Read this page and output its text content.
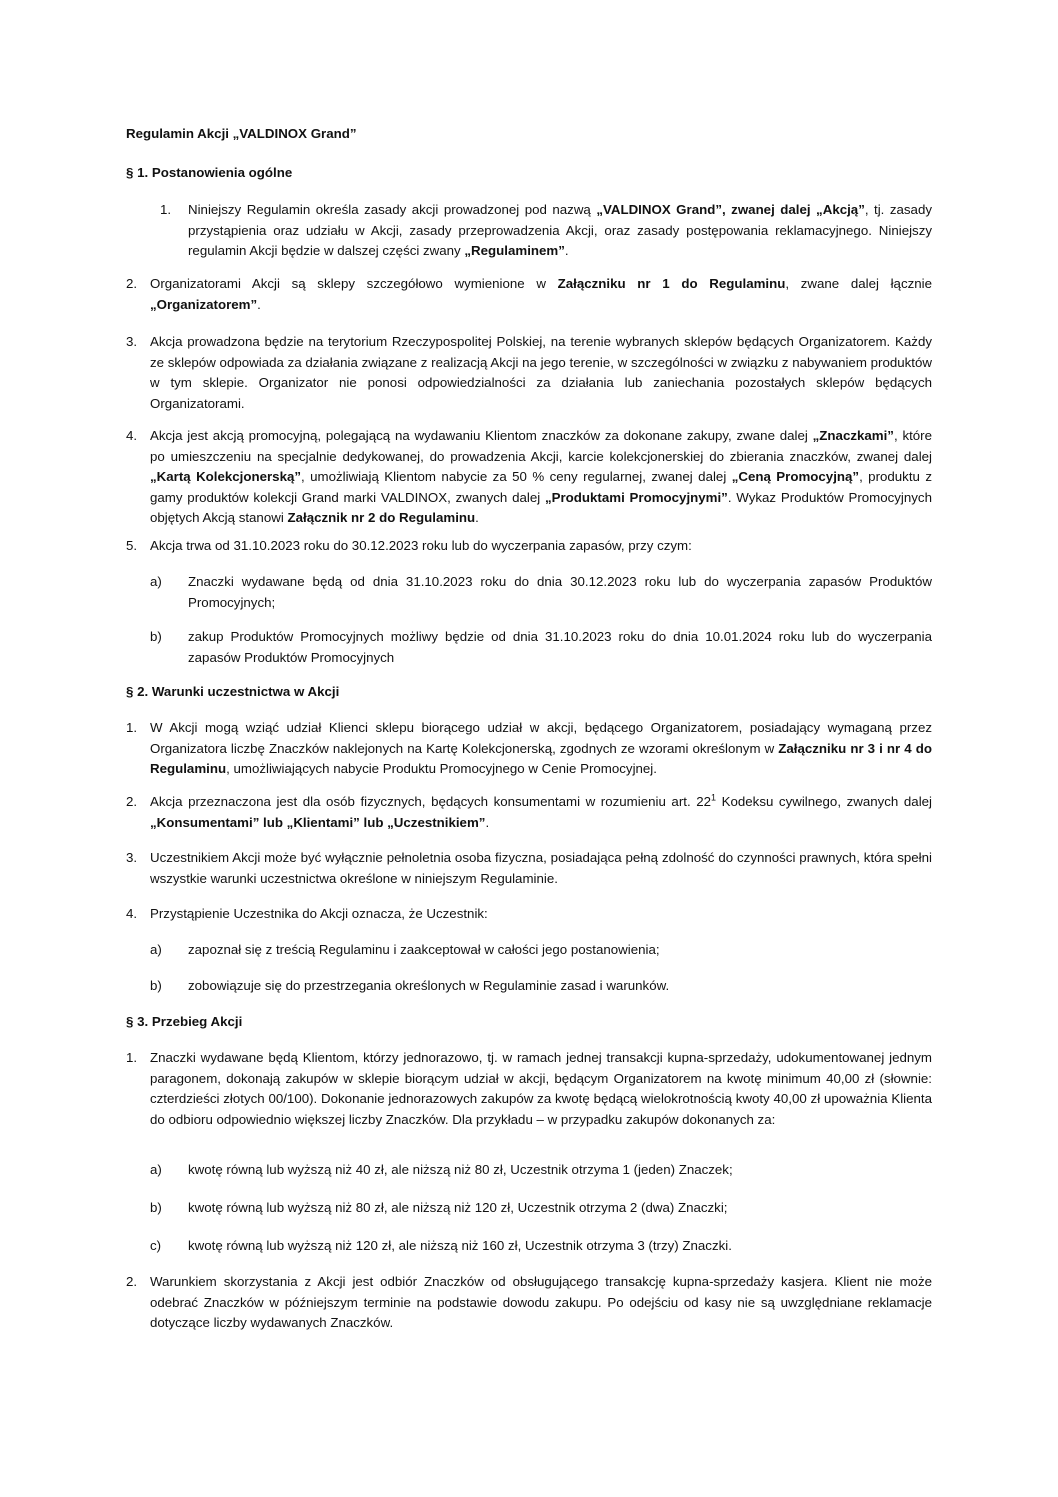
Regulamin Akcji „VALDINOX Grand”
§ 1. Postanowienia ogólne
1. Niniejszy Regulamin określa zasady akcji prowadzonej pod nazwą „VALDINOX Grand”, zwanej dalej „Akcją”, tj. zasady przystąpienia oraz udziału w Akcji, zasady przeprowadzenia Akcji, oraz zasady postępowania reklamacyjnego. Niniejszy regulamin Akcji będzie w dalszej części zwany „Regulaminem”.
2. Organizatorami Akcji są sklepy szczegółowo wymienione w Załączniku nr 1 do Regulaminu, zwane dalej łącznie „Organizatorem”.
3. Akcja prowadzona będzie na terytorium Rzeczypospolitej Polskiej, na terenie wybranych sklepów będących Organizatorem. Każdy ze sklepów odpowiada za działania związane z realizacją Akcji na jego terenie, w szczególności w związku z nabywaniem produktów w tym sklepie. Organizator nie ponosi odpowiedzialności za działania lub zaniechania pozostałych sklepów będących Organizatorami.
4. Akcja jest akcją promocyjną, polegającą na wydawaniu Klientom znaczków za dokonane zakupy, zwane dalej „Znaczkami”, które po umieszczeniu na specjalnie dedykowanej, do prowadzenia Akcji, karcie kolekcjonerskiej do zbierania znaczków, zwanej dalej „Kartą Kolekcjonerską”, umożliwiają Klientom nabycie za 50 % ceny regularnej, zwanej dalej „Ceną Promocyjną”, produktu z gamy produktów kolekcji Grand marki VALDINOX, zwanych dalej „Produktami Promocyjnymi”. Wykaz Produktów Promocyjnych objętych Akcją stanowi Załącznik nr 2 do Regulaminu.
5. Akcja trwa od 31.10.2023 roku do 30.12.2023 roku lub do wyczerpania zapasów, przy czym:
a) Znaczki wydawane będą od dnia 31.10.2023 roku do dnia 30.12.2023 roku lub do wyczerpania zapasów Produktów Promocyjnych;
b) zakup Produktów Promocyjnych możliwy będzie od dnia 31.10.2023 roku do dnia 10.01.2024 roku lub do wyczerpania zapasów Produktów Promocyjnych
§ 2. Warunki uczestnictwa w Akcji
1. W Akcji mogą wziąć udział Klienci sklepu biorącego udział w akcji, będącego Organizatorem, posiadający wymaganą przez Organizatora liczbę Znaczków naklejonych na Kartę Kolekcjonerską, zgodnych ze wzorami określonym w Załączniku nr 3 i nr 4 do Regulaminu, umożliwiających nabycie Produktu Promocyjnego w Cenie Promocyjnej.
2. Akcja przeznaczona jest dla osób fizycznych, będących konsumentami w rozumieniu art. $22^1$ Kodeksu cywilnego, zwanych dalej „Konsumentami” lub „Klientami” lub „Uczestnikiem”.
3. Uczestnikiem Akcji może być wyłącznie pełnoletnia osoba fizyczna, posiadająca pełną zdolność do czynności prawnych, która spełni wszystkie warunki uczestnictwa określone w niniejszym Regulaminie.
4. Przystąpienie Uczestnika do Akcji oznacza, że Uczestnik:
a) zapoznał się z treścią Regulaminu i zaakceptował w całości jego postanowienia;
b) zobowiązuje się do przestrzegania określonych w Regulaminie zasad i warunków.
§ 3. Przebieg Akcji
1. Znaczki wydawane będą Klientom, którzy jednorazowo, tj. w ramach jednej transakcji kupna-sprzedaży, udokumentowanej jednym paragonem, dokonają zakupów w sklepie biorącym udział w akcji, będącym Organizatorem na kwotę minimum 40,00 zł (słownie: czterdzieści złotych 00/100). Dokonanie jednorazowych zakupów za kwotę będącą wielokrotnością kwoty 40,00 zł upoważnia Klienta do odbioru odpowiednio większej liczby Znaczków. Dla przykładu – w przypadku zakupów dokonanych za:
a) kwotę równą lub wyższą niż 40 zł, ale niższą niż 80 zł, Uczestnik otrzyma 1 (jeden) Znaczek;
b) kwotę równą lub wyższą niż 80 zł, ale niższą niż 120 zł, Uczestnik otrzyma 2 (dwa) Znaczki;
c) kwotę równą lub wyższą niż 120 zł, ale niższą niż 160 zł, Uczestnik otrzyma 3 (trzy) Znaczki.
2. Warunkiem skorzystania z Akcji jest odbiór Znaczków od obsługującego transakcję kupna-sprzedaży kasjera. Klient nie może odebrać Znaczków w późniejszym terminie na podstawie dowodu zakupu. Po odejściu od kasy nie są uwzględniane reklamacje dotyczące liczby wydawanych Znaczków.
